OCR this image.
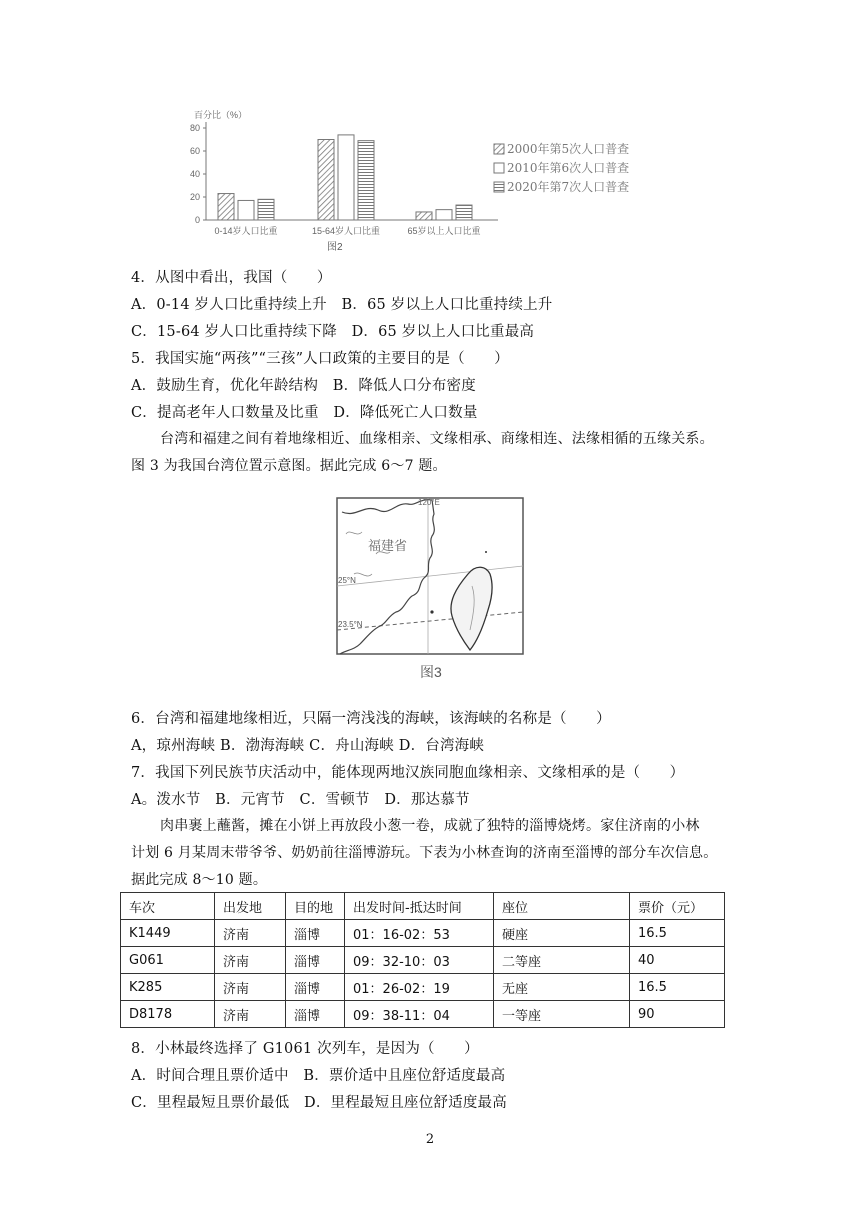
百分比（%）
0
20
40
60
80
0-14岁人口比重	15-64岁人口比重	65岁以上人口比重
2000年第5次人口普查
2010年第6次人口普查
2020年第7次人口普查
图2
4．从图中看出，我国（　　）
A．0-14 岁人口比重持续上升　B．65 岁以上人口比重持续上升
C．15-64 岁人口比重持续下降　D．65 岁以上人口比重最高
5．我国实施“两孩”“三孩”人口政策的主要目的是（　　）
A．鼓励生育，优化年龄结构　B．降低人口分布密度
C．提高老年人口数量及比重　D．降低死亡人口数量
台湾和福建之间有着地缘相近、血缘相亲、文缘相承、商缘相连、法缘相循的五缘关系。
图 3 为我国台湾位置示意图。据此完成 6～7 题。
福建省
120°E
25°N
23.5°N
图3
6．台湾和福建地缘相近，只隔一湾浅浅的海峡，该海峡的名称是（　　）
A，琼州海峡 B．渤海海峡 C．舟山海峡 D．台湾海峡
7．我国下列民族节庆活动中，能体现两地汉族同胞血缘相亲、文缘相承的是（　　）
A。泼水节　B．元宵节　C．雪顿节　D．那达慕节
肉串裹上蘸酱，摊在小饼上再放段小葱一卷，成就了独特的淄博烧烤。家住济南的小林
计划 6 月某周末带爷爷、奶奶前往淄博游玩。下表为小林查询的济南至淄博的部分车次信息。
据此完成 8～10 题。
车次	出发地	目的地	出发时间-抵达时间	座位	票价（元）
K1449	济南	淄博	01：16-02：53	硬座	16.5
G061	济南	淄博	09：32-10：03	二等座	40
K285	济南	淄博	01：26-02：19	无座	16.5
D8178	济南	淄博	09：38-11：04	一等座	90
8．小林最终选择了 G1061 次列车，是因为（　　）
A．时间合理且票价适中　B．票价适中且座位舒适度最高
C．里程最短且票价最低　D．里程最短且座位舒适度最高
2
